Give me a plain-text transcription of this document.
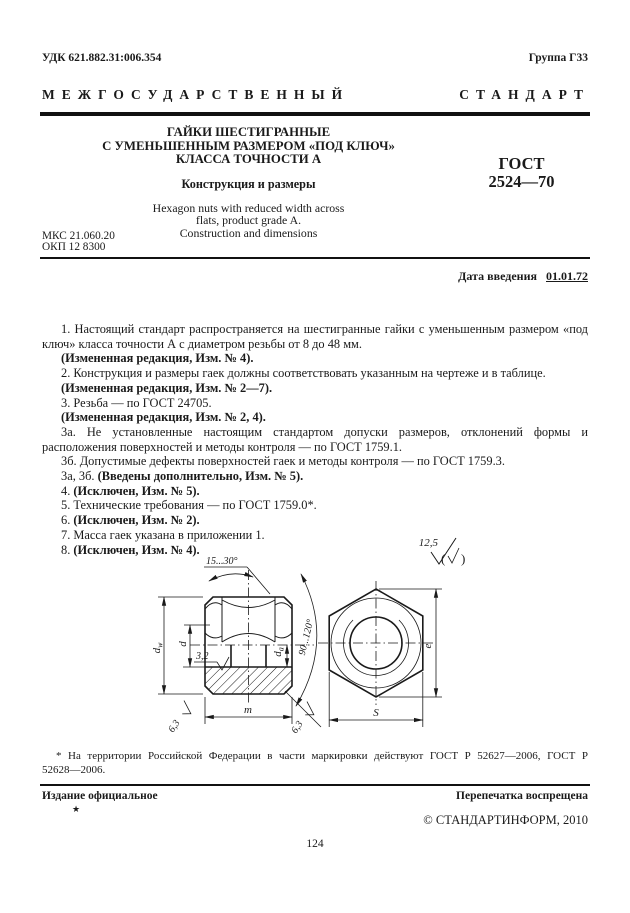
УДК 621.882.31:006.354	Группа Г33
МЕЖГОСУДАРСТВЕННЫЙ	СТАНДАРТ
ГАЙКИ ШЕСТИГРАННЫЕ
С УМЕНЬШЕННЫМ РАЗМЕРОМ «ПОД КЛЮЧ»
КЛАССА ТОЧНОСТИ А
Конструкция и размеры
Hexagon nuts with reduced width across
flats, product grade A.
Construction and dimensions
ГОСТ
2524—70
МКС 21.060.20
ОКП 12 8300
Дата введения 01.01.72

1. Настоящий стандарт распространяется на шестигранные гайки с уменьшенным размером «под ключ» класса точности А с диаметром резьбы от 8 до 48 мм.

(Измененная редакция, Изм. № 4).

2. Конструкция и размеры гаек должны соответствовать указанным на чертеже и в таблице.

(Измененная редакция, Изм. № 2—7).

3. Резьба — по ГОСТ 24705.

(Измененная редакция, Изм. № 2, 4).

3а. Не установленные настоящим стандартом допуски размеров, отклонений формы и расположения поверхностей и методы контроля — по ГОСТ 1759.1.

3б. Допустимые дефекты поверхностей гаек и методы контроля — по ГОСТ 1759.3.

3а, 3б. (Введены дополнительно, Изм. № 5).

4. (Исключен, Изм. № 5).

5. Технические требования — по ГОСТ 1759.0*.

6. (Исключен, Изм. № 2).

7. Масса гаек указана в приложении 1.

8. (Исключен, Изм. № 4).	12,5
( )
$d_w$ d
3,2	$d_a$ 90...120°
15...30°
m
6,3	6,3
e
S
* На территории Российской Федерации в части маркировки действуют ГОСТ Р 52627—2006, ГОСТ Р 52628—2006.
Издание официальное	Перепечатка воспрещена
★
© СТАНДАРТИНФОРМ, 2010
124
